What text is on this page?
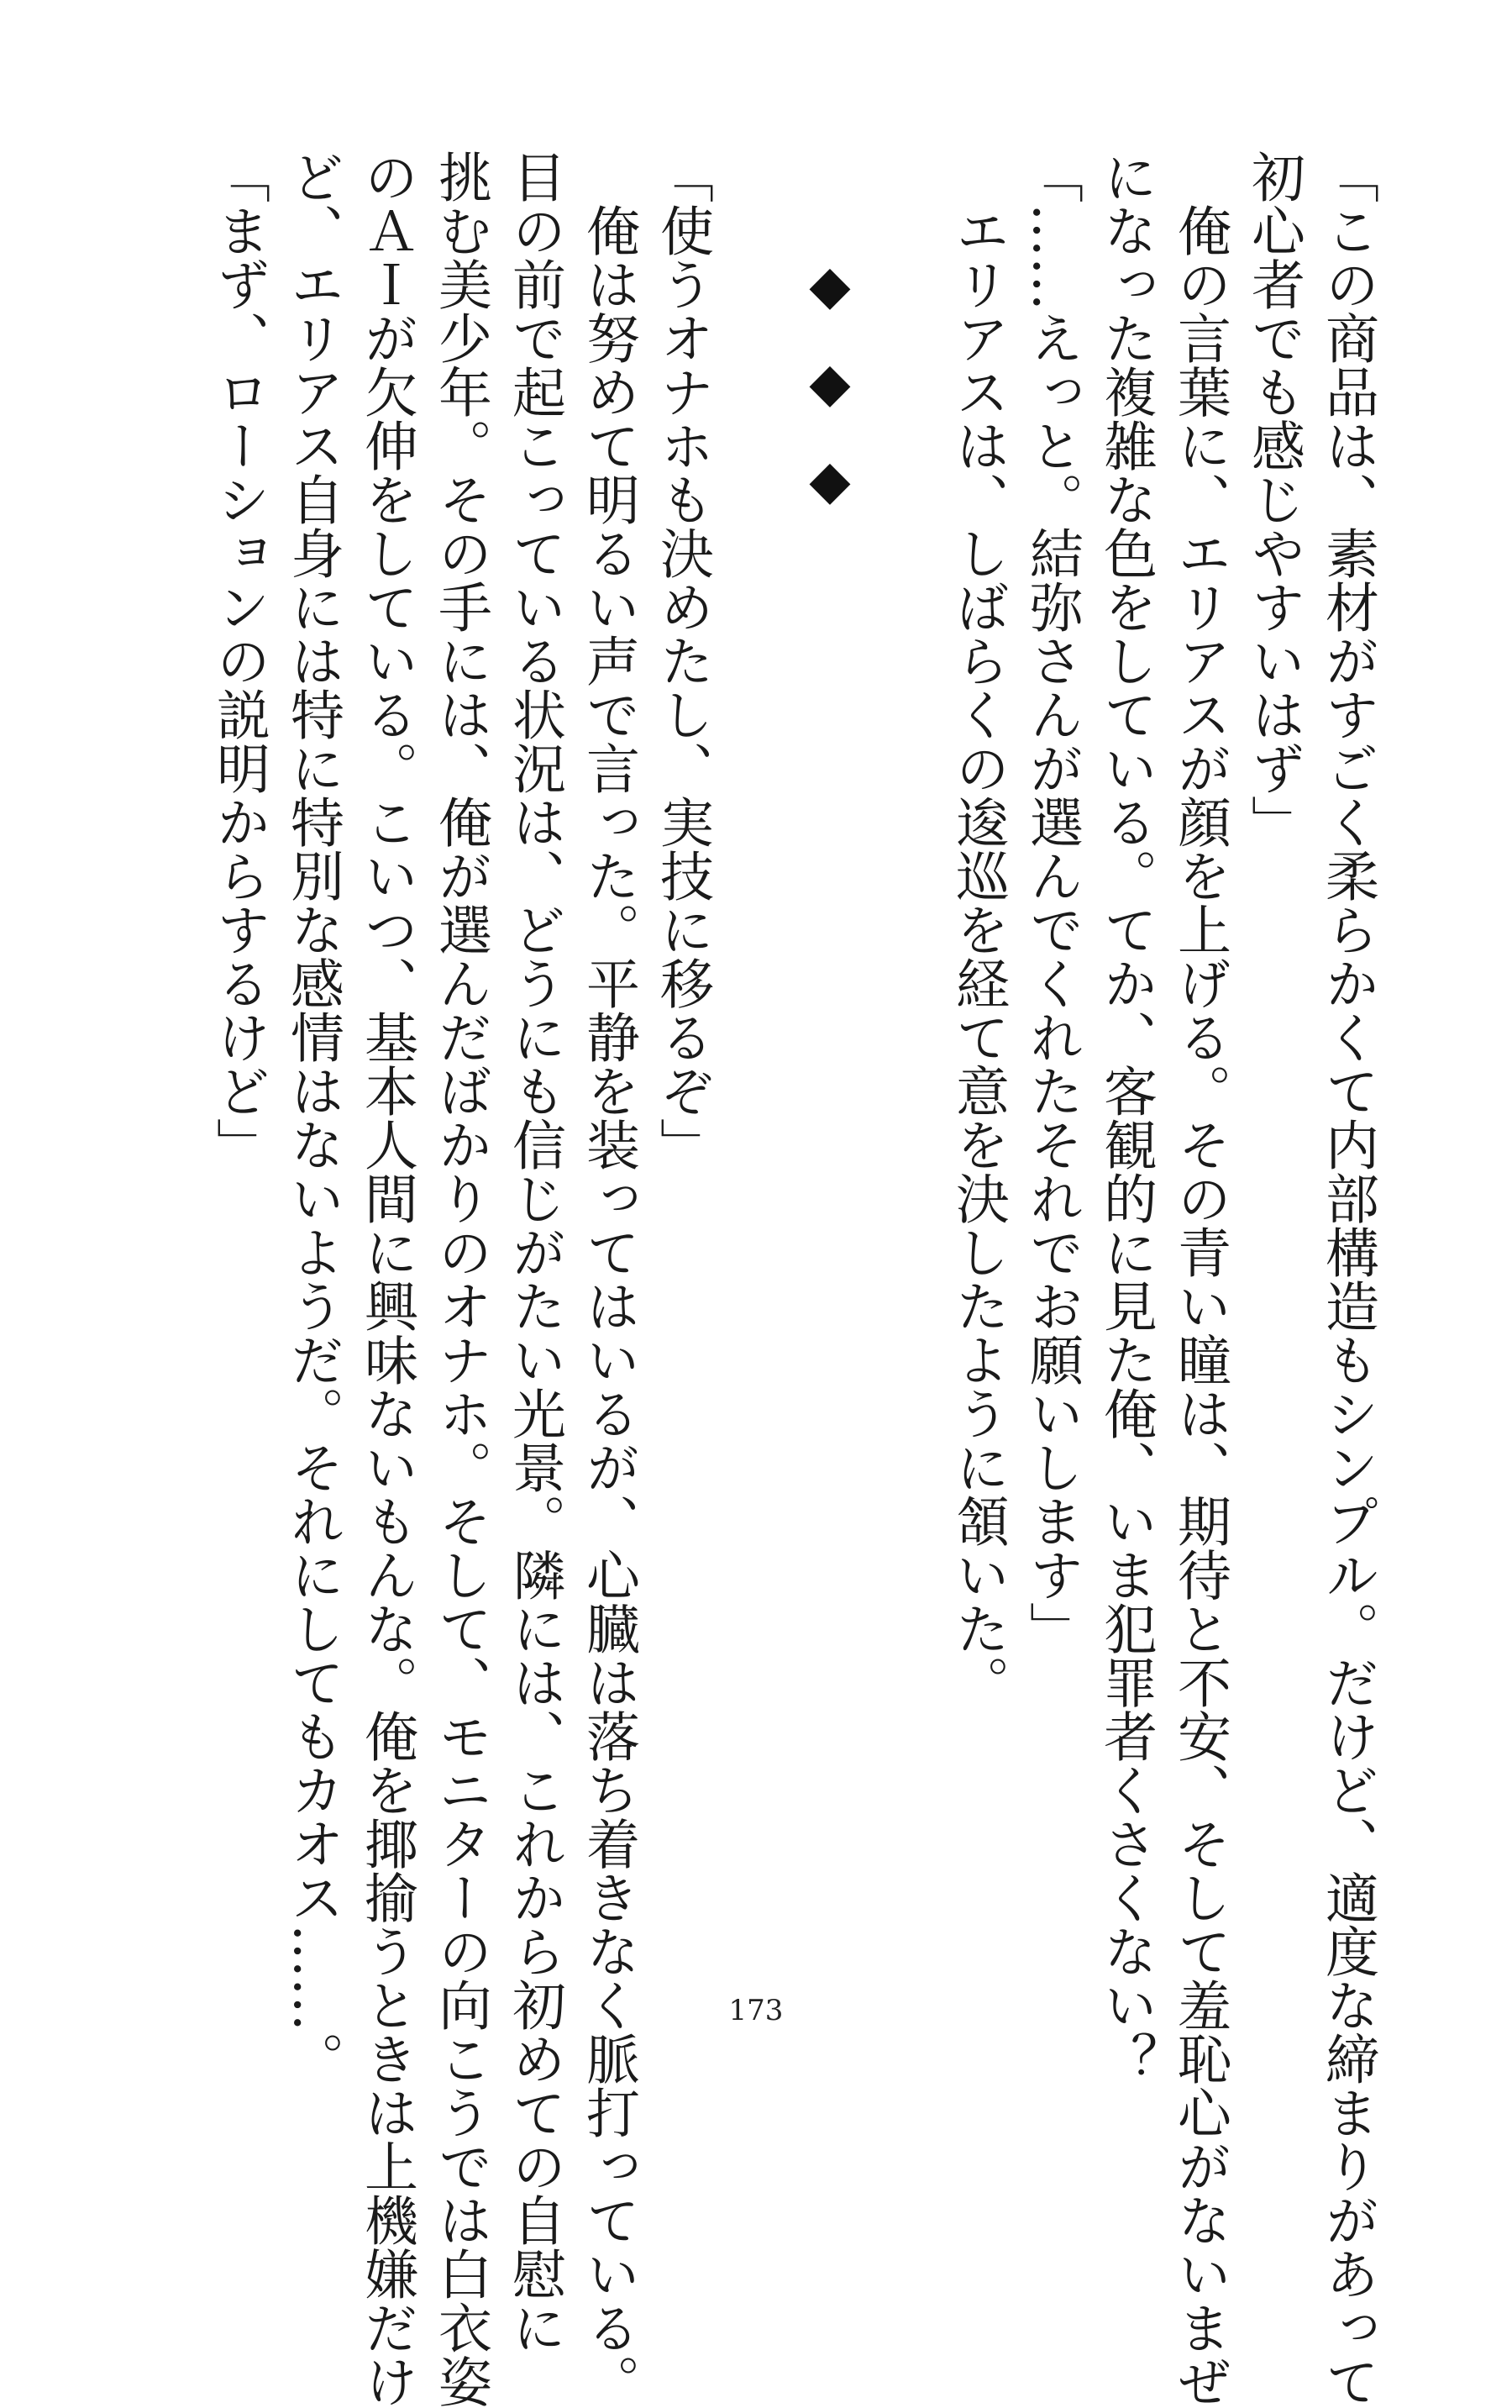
「この商品は、素材がすごく柔らかくて内部構造もシンプル。だけど、適度な締まりがあって
初心者でも感じやすいはず」
俺の言葉に、エリアスが顔を上げる。その青い瞳は、期待と不安、そして羞恥心がないまぜ
になった複雑な色をしている。てか、客観的に見た俺、いま犯罪者くさくない？
「……えっと。結弥さんが選んでくれたそれでお願いします」
エリアスは、しばらくの逡巡を経て意を決したように頷いた。
◆◆◆
「使うオナホも決めたし、実技に移るぞ」
俺は努めて明るい声で言った。平静を装ってはいるが、心臓は落ち着きなく脈打っている。
目の前で起こっている状況は、どうにも信じがたい光景。隣には、これから初めての自慰に
挑む美少年。その手には、俺が選んだばかりのオナホ。そして、モニターの向こうでは白衣姿
のＡＩが欠伸をしている。こいつ、基本人間に興味ないもんな。俺を揶揄うときは上機嫌だけ
ど、エリアス自身には特に特別な感情はないようだ。それにしてもカオス……。
「まず、ローションの説明からするけど」
173
